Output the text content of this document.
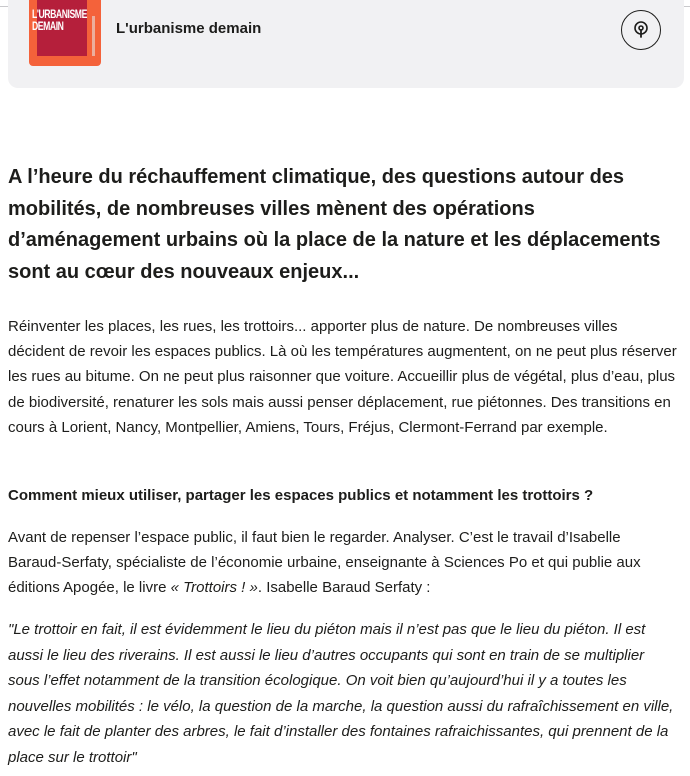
L'URBANISME
DEMAIN	L'urbanisme demain
A l’heure du réchauffement climatique, des questions autour des mobilités, de nombreuses villes mènent des opérations d’aménagement urbains où la place de la nature et les déplacements sont au cœur des nouveaux enjeux...

Réinventer les places, les rues, les trottoirs... apporter plus de nature. De nombreuses villes décident de revoir les espaces publics. Là où les températures augmentent, on ne peut plus réserver les rues au bitume. On ne peut plus raisonner que voiture. Accueillir plus de végétal, plus d’eau, plus de biodiversité, renaturer les sols mais aussi penser déplacement, rue piétonnes. Des transitions en cours à Lorient, Nancy, Montpellier, Amiens, Tours, Fréjus, Clermont-Ferrand par exemple.

Comment mieux utiliser, partager les espaces publics et notamment les trottoirs ?

Avant de repenser l’espace public, il faut bien le regarder. Analyser. C’est le travail d’Isabelle Baraud-Serfaty, spécialiste de l’économie urbaine, enseignante à Sciences Po et qui publie aux éditions Apogée, le livre « Trottoirs ! ». Isabelle Baraud Serfaty :

"Le trottoir en fait, il est évidemment le lieu du piéton mais il n’est pas que le lieu du piéton. Il est aussi le lieu des riverains. Il est aussi le lieu d’autres occupants qui sont en train de se multiplier sous l’effet notamment de la transition écologique. On voit bien qu’aujourd’hui il y a toutes les nouvelles mobilités : le vélo, la question de la marche, la question aussi du rafraîchissement en ville, avec le fait de planter des arbres, le fait d’installer des fontaines rafraichissantes, qui prennent de la place sur le trottoir"
